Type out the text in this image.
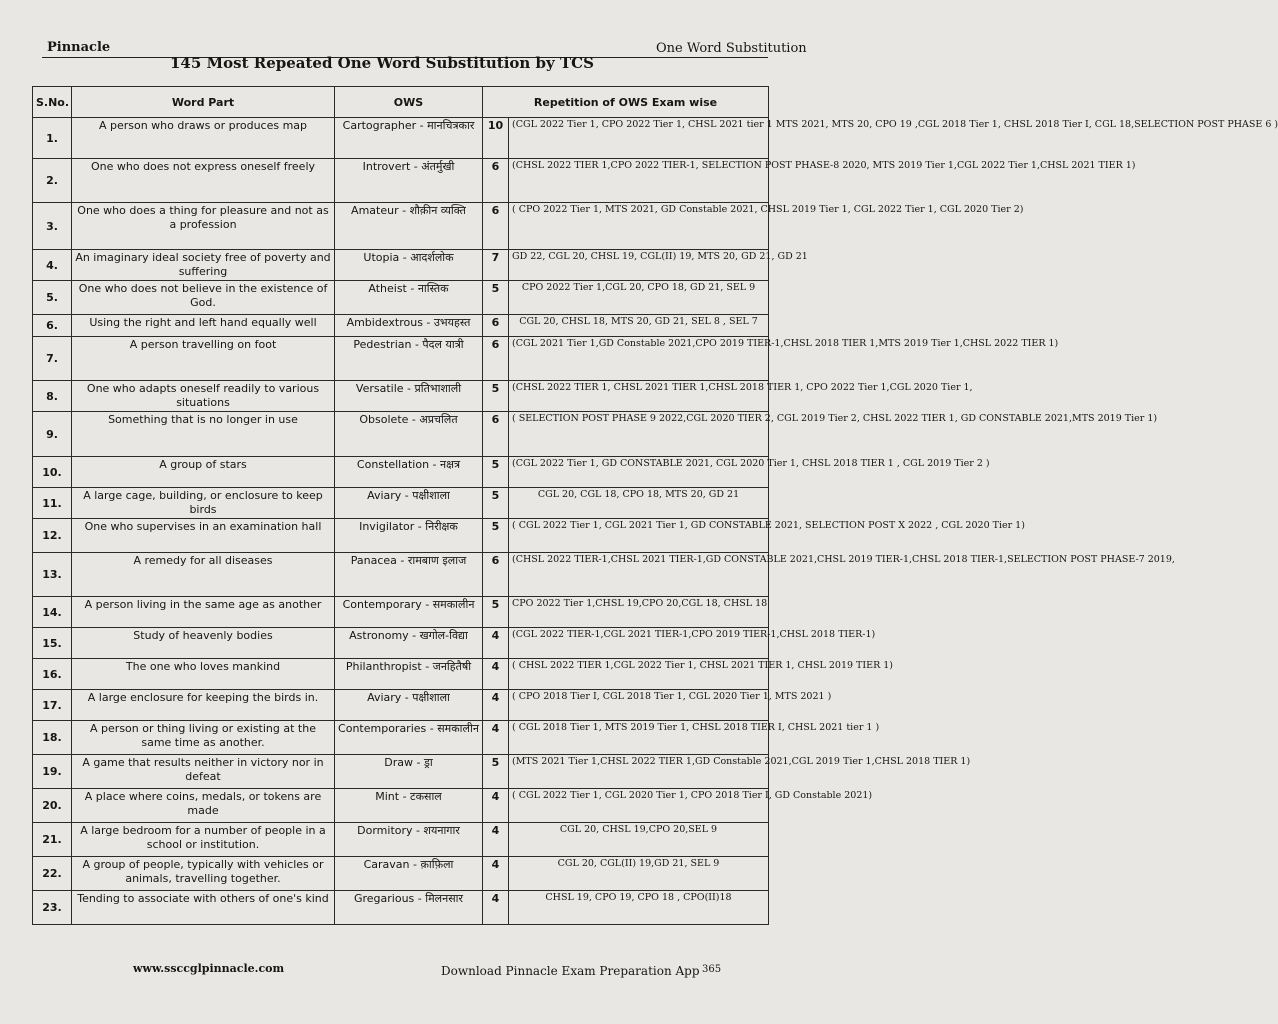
Pinnacle	One Word Substitution
145 Most Repeated One Word Substitution by TCS
S.No.	Word Part	OWS	Repetition of OWS Exam wise	
1.	A person who draws or produces map	Cartographer - मानचित्रकार	10	(CGL 2022 Tier 1, CPO 2022 Tier 1, CHSL 2021 tier 1 MTS 2021, MTS 20, CPO 19 ,CGL 2018 Tier 1, CHSL 2018 Tier I, CGL 18,SELECTION POST PHASE 6 )
2.	One who does not express oneself freely	Introvert - अंतर्मुखी	6	(CHSL 2022 TIER 1,CPO 2022 TIER-1, SELECTION POST PHASE-8 2020, MTS 2019 Tier 1,CGL 2022 Tier 1,CHSL 2021 TIER 1)
3.	One who does a thing for pleasure and not as a profession	Amateur - शौक़ीन व्यक्ति	6	( CPO 2022 Tier 1, MTS 2021, GD Constable 2021, CHSL 2019 Tier 1, CGL 2022 Tier 1, CGL 2020 Tier 2)
4.	An imaginary ideal society free of poverty and suffering	Utopia - आदर्शलोक	7	GD 22, CGL 20, CHSL 19, CGL(II) 19, MTS 20, GD 21, GD 21
5.	One who does not believe in the existence of God.	Atheist - नास्तिक	5	CPO 2022 Tier 1,CGL 20, CPO 18, GD 21, SEL 9
6.	Using the right and left hand equally well	Ambidextrous - उभयहस्त	6	CGL 20, CHSL 18, MTS 20, GD 21, SEL 8 , SEL 7
7.	A person travelling on foot	Pedestrian - पैदल यात्री	6	(CGL 2021 Tier 1,GD Constable 2021,CPO 2019 TIER-1,CHSL 2018 TIER 1,MTS 2019 Tier 1,CHSL 2022 TIER 1)
8.	One who adapts oneself readily to various situations	Versatile - प्रतिभाशाली	5	(CHSL 2022 TIER 1, CHSL 2021 TIER 1,CHSL 2018 TIER 1, CPO 2022 Tier 1,CGL 2020 Tier 1,
9.	Something that is no longer in use	Obsolete - अप्रचलित	6	( SELECTION POST PHASE 9 2022,CGL 2020 TIER 2, CGL 2019 Tier 2, CHSL 2022 TIER 1, GD CONSTABLE 2021,MTS 2019 Tier 1)
10.	A group of stars	Constellation - नक्षत्र	5	(CGL 2022 Tier 1, GD CONSTABLE 2021, CGL 2020 Tier 1, CHSL 2018 TIER 1 , CGL 2019 Tier 2 )
11.	A large cage, building, or enclosure to keep birds	Aviary - पक्षीशाला	5	CGL 20, CGL 18, CPO 18, MTS 20, GD 21
12.	One who supervises in an examination hall	Invigilator - निरीक्षक	5	( CGL 2022 Tier 1, CGL 2021 Tier 1, GD CONSTABLE 2021, SELECTION POST X 2022 , CGL 2020 Tier 1)
13.	A remedy for all diseases	Panacea - रामबाण इलाज	6	(CHSL 2022 TIER-1,CHSL 2021 TIER-1,GD CONSTABLE 2021,CHSL 2019 TIER-1,CHSL 2018 TIER-1,SELECTION POST PHASE-7 2019,
14.	A person living in the same age as another	Contemporary - समकालीन	5	CPO 2022 Tier 1,CHSL 19,CPO 20,CGL 18, CHSL 18
15.	Study of heavenly bodies	Astronomy - खगोल-विद्या	4	(CGL 2022 TIER-1,CGL 2021 TIER-1,CPO 2019 TIER-1,CHSL 2018 TIER-1)
16.	The one who loves mankind	Philanthropist - जनहितैषी	4	( CHSL 2022 TIER 1,CGL 2022 Tier 1, CHSL 2021 TIER 1, CHSL 2019 TIER 1)
17.	A large enclosure for keeping the birds in.	Aviary - पक्षीशाला	4	( CPO 2018 Tier I, CGL 2018 Tier 1, CGL 2020 Tier 1, MTS 2021 )
18.	A person or thing living or existing at the same time as another.	Contemporaries - समकालीन	4	( CGL 2018 Tier 1, MTS 2019 Tier 1, CHSL 2018 TIER I, CHSL 2021 tier 1 )
19.	A game that results neither in victory nor in defeat	Draw - ड्रा	5	(MTS 2021 Tier 1,CHSL 2022 TIER 1,GD Constable 2021,CGL 2019 Tier 1,CHSL 2018 TIER 1)
20.	A place where coins, medals, or tokens are made	Mint - टकसाल	4	( CGL 2022 Tier 1, CGL 2020 Tier 1, CPO 2018 Tier I, GD Constable 2021)
21.	A large bedroom for a number of people in a school or institution.	Dormitory - शयनागार	4	CGL 20, CHSL 19,CPO 20,SEL 9
22.	A group of people, typically with vehicles or animals, travelling together.	Caravan - क़ाफ़िला	4	CGL 20, CGL(II) 19,GD 21, SEL 9
23.	Tending to associate with others of one's kind	Gregarious - मिलनसार	4	CHSL 19, CPO 19, CPO 18 , CPO(II)18
www.ssccglpinnacle.com	Download Pinnacle Exam Preparation App 365
